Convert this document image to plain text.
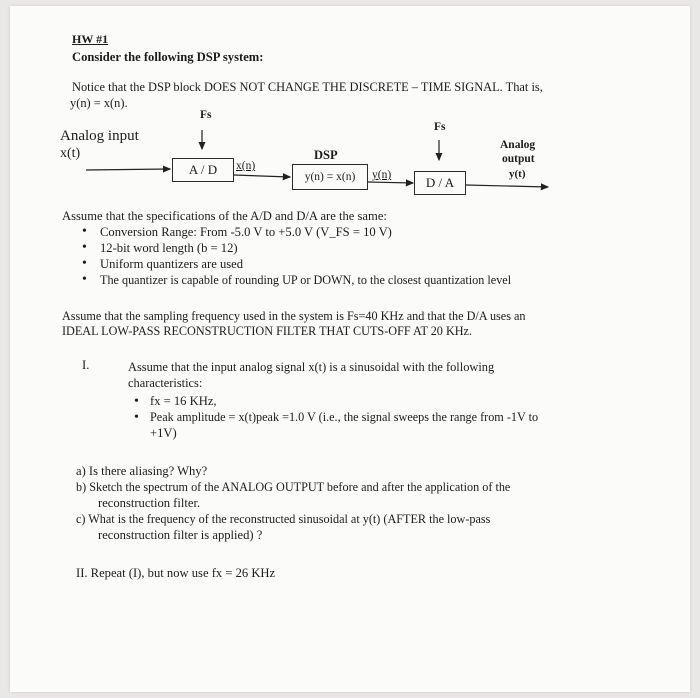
HW #1
Consider the following DSP system:
Notice that the DSP block DOES NOT CHANGE THE DISCRETE – TIME SIGNAL. That is,
y(n) = x(n).
Fs
Fs
Analog input
x(t)
A / D	x(n)
y(n) = x(n)
DSP
y(n)	D / A
Analog
output
y(t)
Assume that the specifications of the A/D and D/A are the same:
• Conversion Range: From -5.0 V to +5.0 V (V_FS = 10 V)
• 12-bit word length (b = 12)
• Uniform quantizers are used
• The quantizer is capable of rounding UP or DOWN, to the closest quantization level
Assume that the sampling frequency used in the system is Fs=40 KHz and that the D/A uses an
IDEAL LOW-PASS RECONSTRUCTION FILTER THAT CUTS-OFF AT 20 KHz.
I.	Assume that the input analog signal x(t) is a sinusoidal with the following
characteristics:
• fx = 16 KHz,
• Peak amplitude = x(t)peak =1.0 V (i.e., the signal sweeps the range from -1V to
+1V)
a) Is there aliasing? Why?
b) Sketch the spectrum of the ANALOG OUTPUT before and after the application of the
reconstruction filter.
c) What is the frequency of the reconstructed sinusoidal at y(t) (AFTER the low-pass
reconstruction filter is applied) ?
II. Repeat (I), but now use fx = 26 KHz
